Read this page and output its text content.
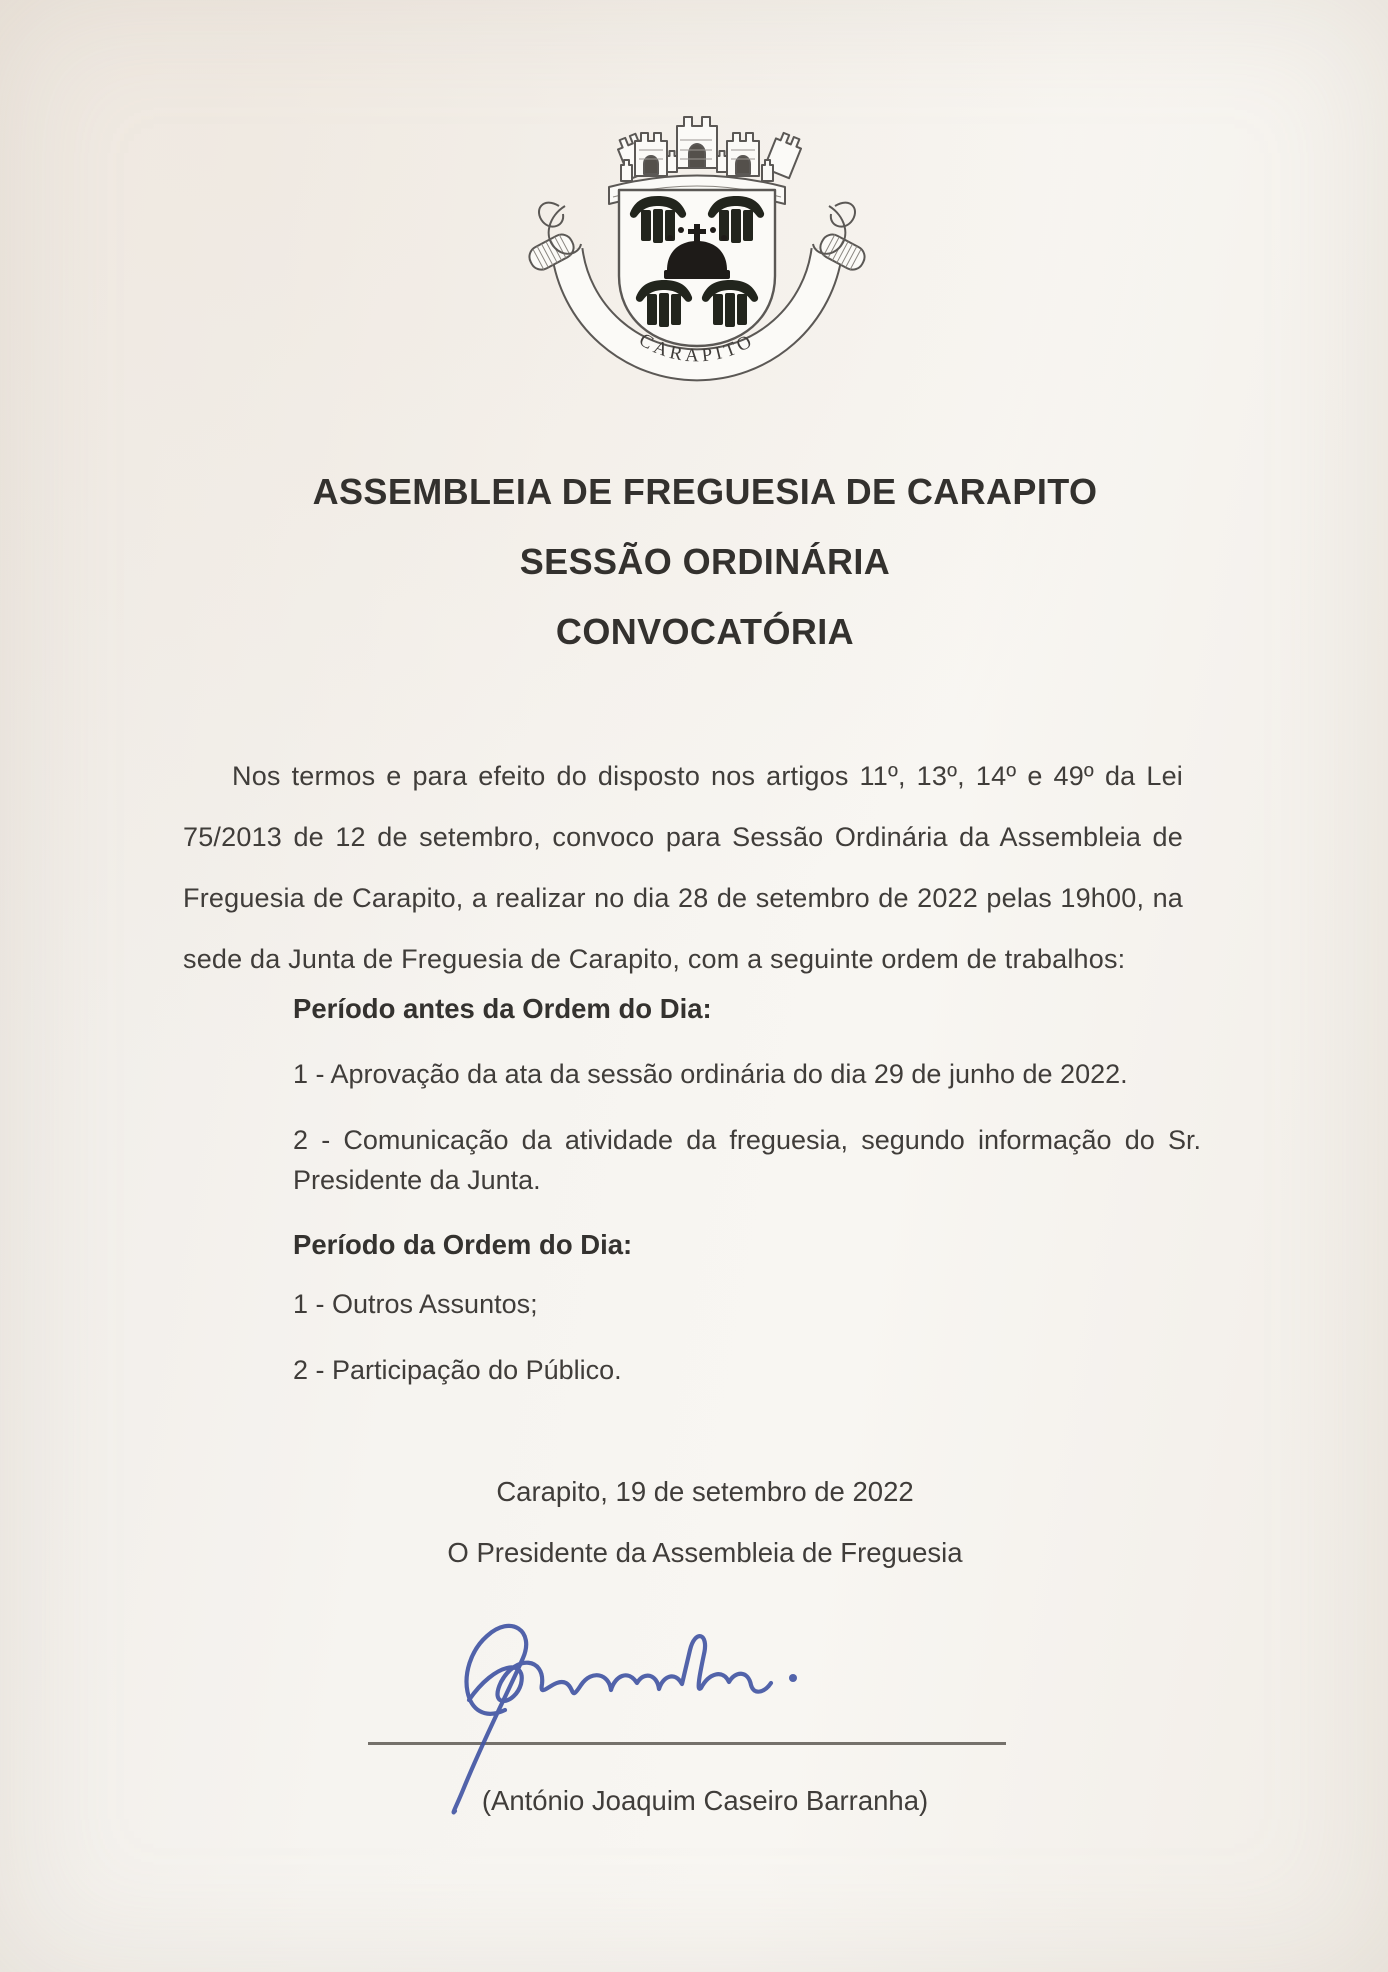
CARAPITO
ASSEMBLEIA DE FREGUESIA DE CARAPITO
SESSÃO ORDINÁRIA
CONVOCATÓRIA
Nos termos e para efeito do disposto nos artigos 11º, 13º, 14º e 49º da Lei 75/2013 de 12 de setembro, convoco para Sessão Ordinária da Assembleia de Freguesia de Carapito, a realizar no dia 28 de setembro de 2022 pelas 19h00, na sede da Junta de Freguesia de Carapito, com a seguinte ordem de trabalhos:
Período antes da Ordem do Dia:
1 - Aprovação da ata da sessão ordinária do dia 29 de junho de 2022.
2 - Comunicação da atividade da freguesia, segundo informação do Sr. Presidente da Junta.
Período da Ordem do Dia:
1 - Outros Assuntos;
2 - Participação do Público.
Carapito, 19 de setembro de 2022
O Presidente da Assembleia de Freguesia
(António Joaquim Caseiro Barranha)
